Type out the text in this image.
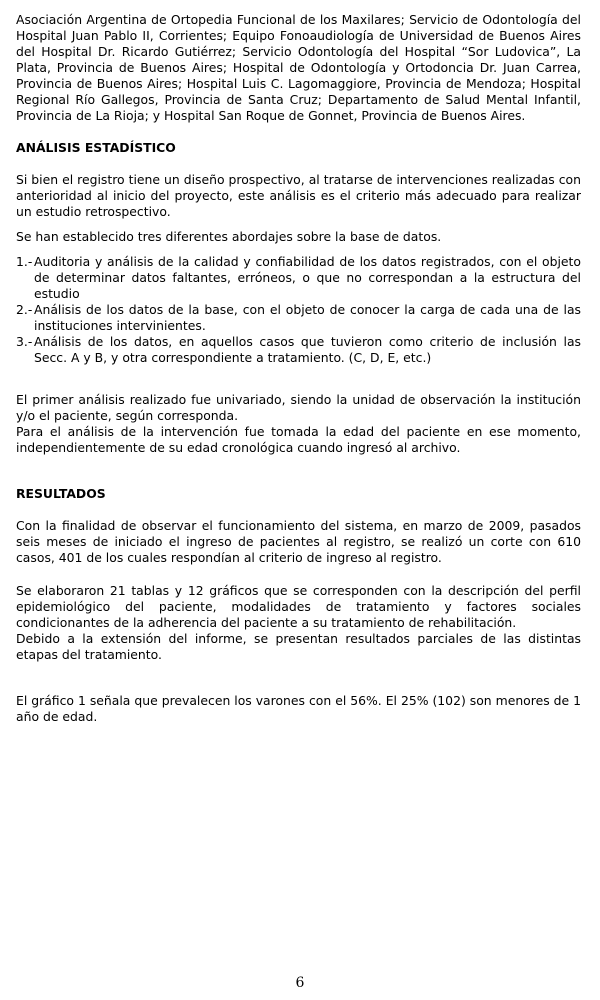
Asociación Argentina de Ortopedia Funcional de los Maxilares; Servicio de Odontología del Hospital Juan Pablo II, Corrientes; Equipo Fonoaudiología de Universidad de Buenos Aires del Hospital Dr. Ricardo Gutiérrez; Servicio Odontología del Hospital “Sor Ludovica”, La Plata, Provincia de Buenos Aires; Hospital de Odontología y Ortodoncia Dr. Juan Carrea, Provincia de Buenos Aires; Hospital Luis C. Lagomaggiore, Provincia de Mendoza; Hospital Regional Río Gallegos, Provincia de Santa Cruz; Departamento de Salud Mental Infantil, Provincia de La Rioja; y Hospital San Roque de Gonnet, Provincia de Buenos Aires.

ANÁLISIS ESTADÍSTICO

Si bien el registro tiene un diseño prospectivo, al tratarse de intervenciones realizadas con anterioridad al inicio del proyecto, este análisis es el criterio más adecuado para realizar un estudio retrospectivo.

Se han establecido tres diferentes abordajes sobre la base de datos.

1.- Auditoria y análisis de la calidad y confiabilidad de los datos registrados, con el objeto de determinar datos faltantes, erróneos, o que no correspondan a la estructura del estudio
2.- Análisis de los datos de la base, con el objeto de conocer la carga de cada una de las instituciones intervinientes.
3.- Análisis de los datos, en aquellos casos que tuvieron como criterio de inclusión las Secc. A y B, y otra correspondiente a tratamiento. (C, D, E, etc.)

El primer análisis realizado fue univariado, siendo la unidad de observación la institución y/o el paciente, según corresponda.

Para el análisis de la intervención fue tomada la edad del paciente en ese momento, independientemente de su edad cronológica cuando ingresó al archivo.

RESULTADOS

Con la finalidad de observar el funcionamiento del sistema, en marzo de 2009, pasados seis meses de iniciado el ingreso de pacientes al registro, se realizó un corte con 610 casos, 401 de los cuales respondían al criterio de ingreso al registro.

Se elaboraron 21 tablas y 12 gráficos que se corresponden con la descripción del perfil epidemiológico del paciente, modalidades de tratamiento y factores sociales condicionantes de la adherencia del paciente a su tratamiento de rehabilitación.

Debido a la extensión del informe, se presentan resultados parciales de las distintas etapas del tratamiento.

El gráfico 1 señala que prevalecen los varones con el 56%. El 25% (102) son menores de 1 año de edad.

6
